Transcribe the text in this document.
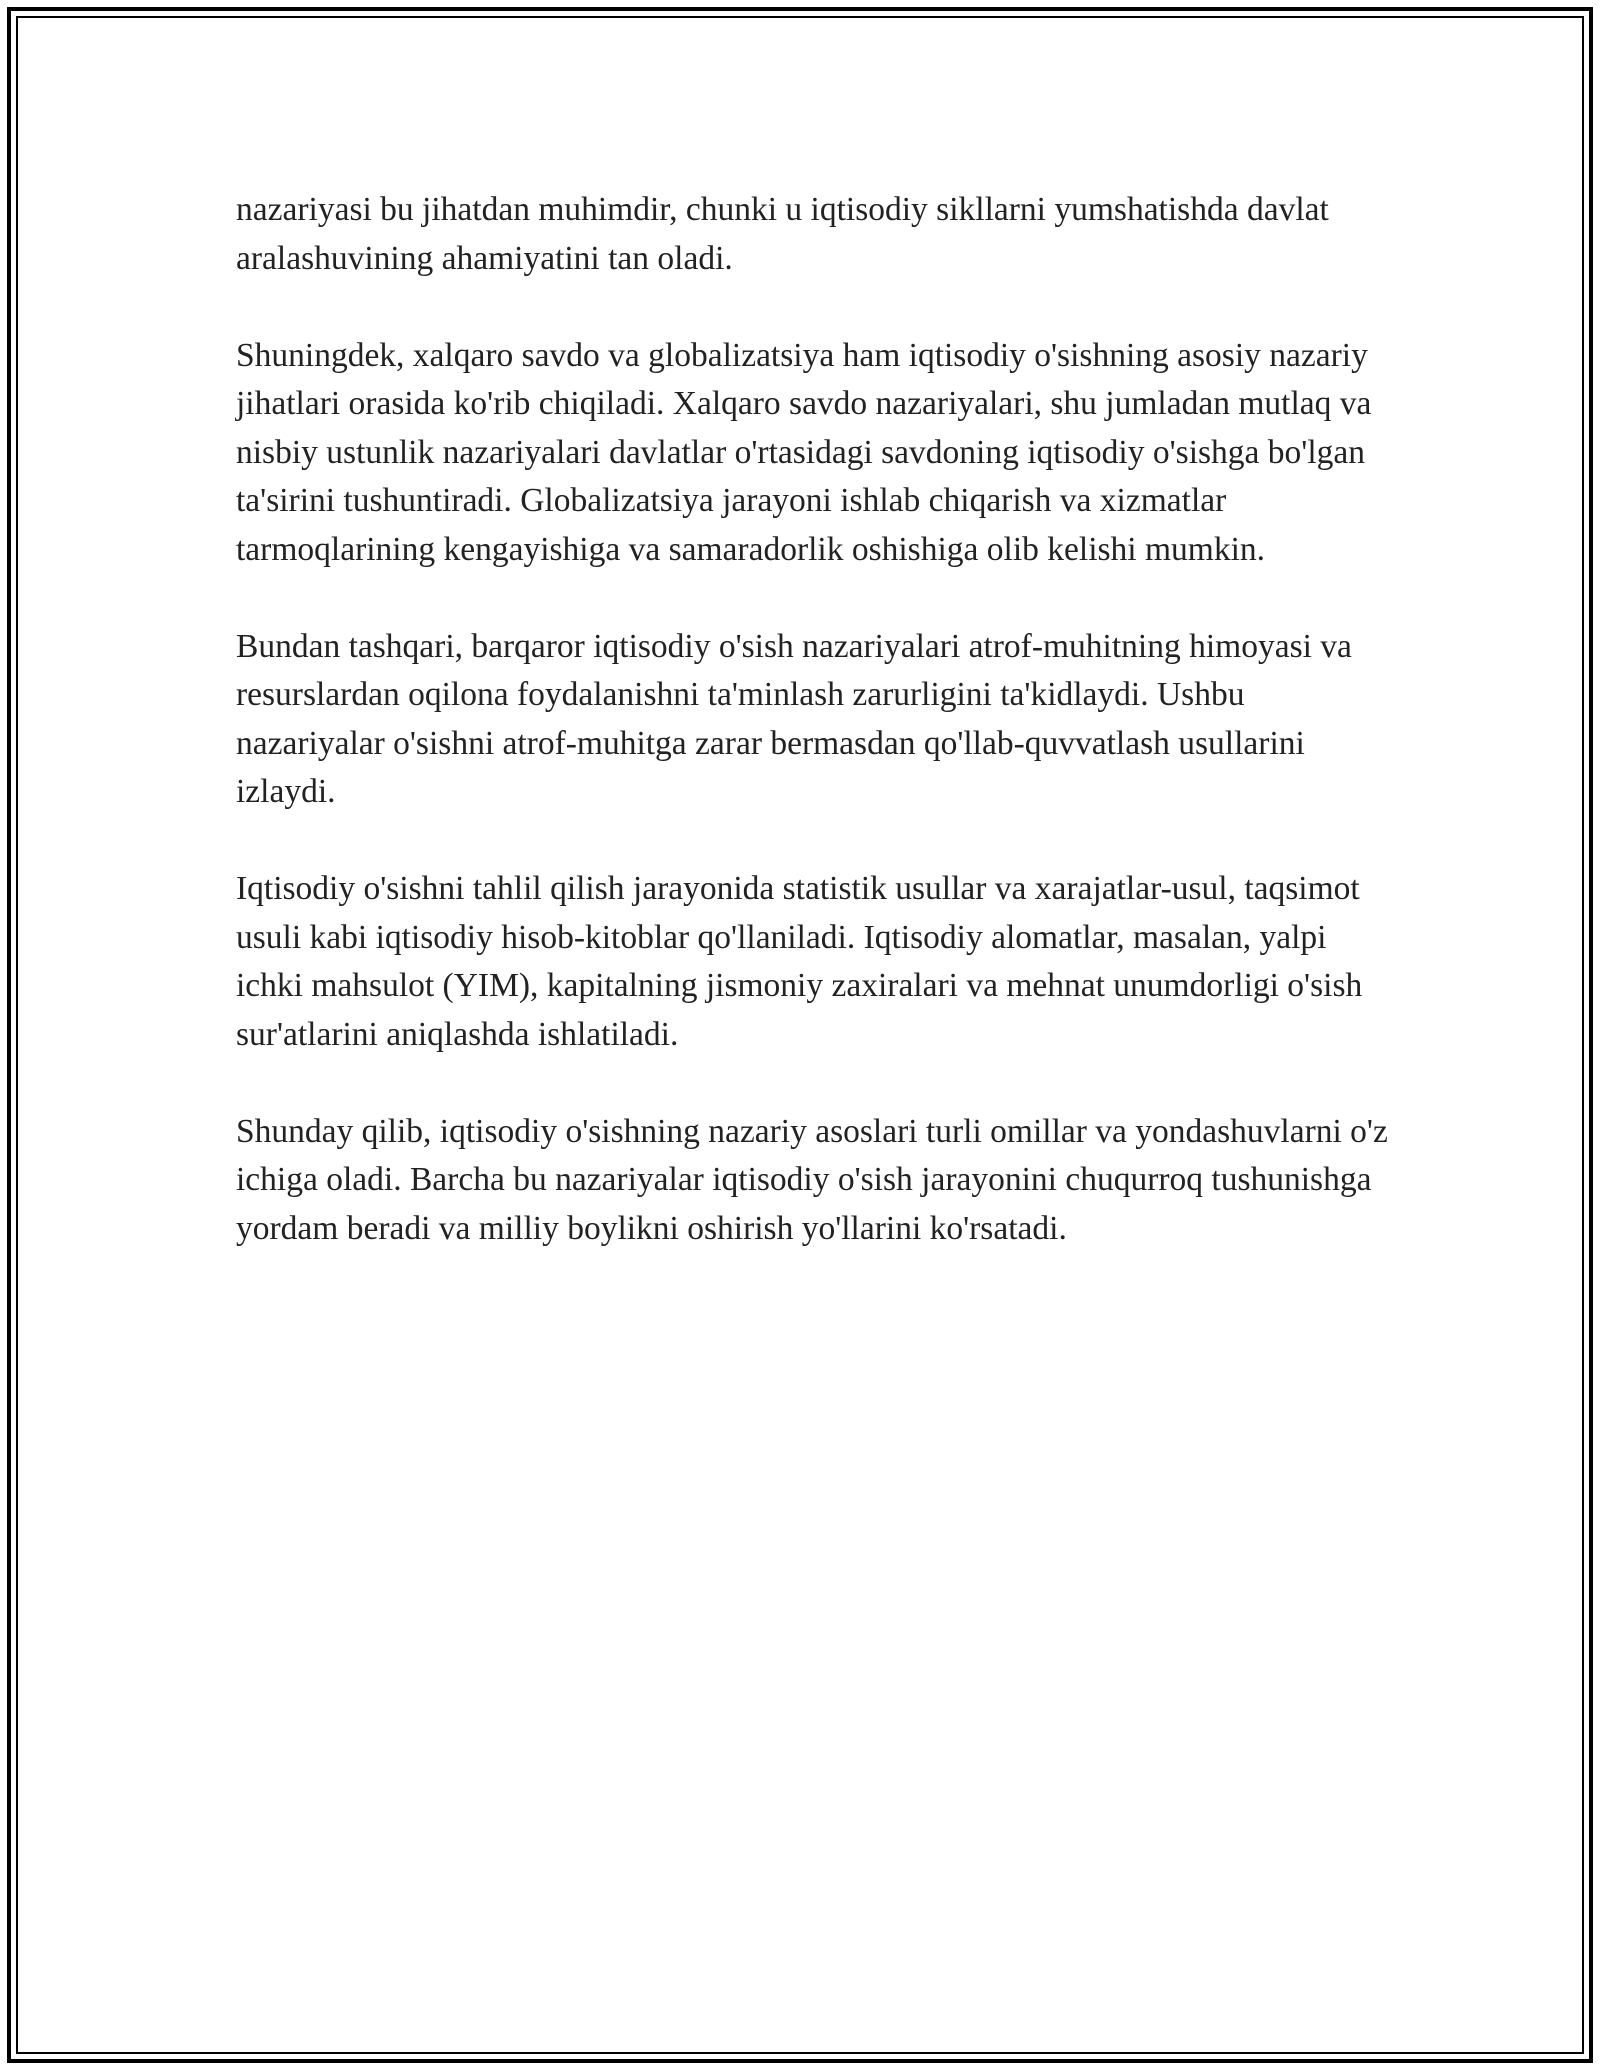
nazariyasi bu jihatdan muhimdir, chunki u iqtisodiy sikllarni yumshatishda davlat aralashuvining ahamiyatini tan oladi.

Shuningdek, xalqaro savdo va globalizatsiya ham iqtisodiy o'sishning asosiy nazariy jihatlari orasida ko'rib chiqiladi. Xalqaro savdo nazariyalari, shu jumladan mutlaq va nisbiy ustunlik nazariyalari davlatlar o'rtasidagi savdoning iqtisodiy o'sishga bo'lgan ta'sirini tushuntiradi. Globalizatsiya jarayoni ishlab chiqarish va xizmatlar tarmoqlarining kengayishiga va samaradorlik oshishiga olib kelishi mumkin.

Bundan tashqari, barqaror iqtisodiy o'sish nazariyalari atrof-muhitning himoyasi va resurslardan oqilona foydalanishni ta'minlash zarurligini ta'kidlaydi. Ushbu nazariyalar o'sishni atrof-muhitga zarar bermasdan qo'llab-quvvatlash usullarini izlaydi.

Iqtisodiy o'sishni tahlil qilish jarayonida statistik usullar va xarajatlar-usul, taqsimot usuli kabi iqtisodiy hisob-kitoblar qo'llaniladi. Iqtisodiy alomatlar, masalan, yalpi ichki mahsulot (YIM), kapitalning jismoniy zaxiralari va mehnat unumdorligi o'sish sur'atlarini aniqlashda ishlatiladi.

Shunday qilib, iqtisodiy o'sishning nazariy asoslari turli omillar va yondashuvlarni o'z ichiga oladi. Barcha bu nazariyalar iqtisodiy o'sish jarayonini chuqurroq tushunishga yordam beradi va milliy boylikni oshirish yo'llarini ko'rsatadi.
